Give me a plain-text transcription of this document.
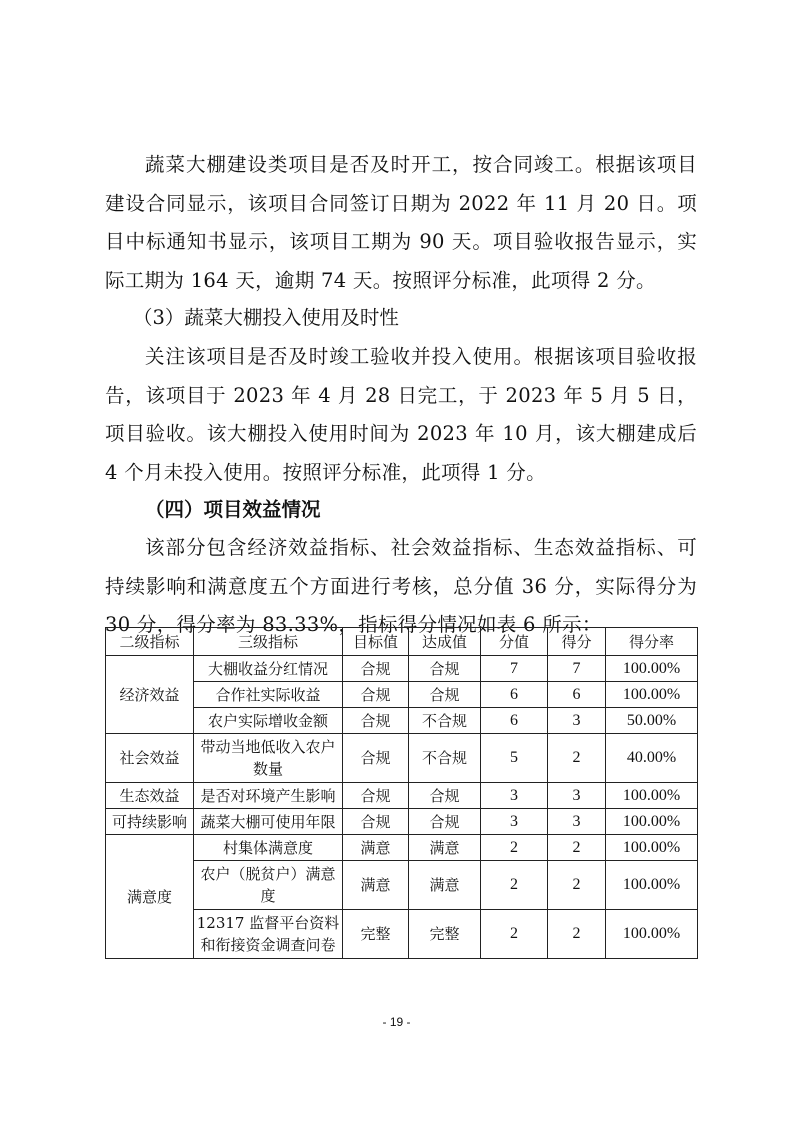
蔬菜大棚建设类项目是否及时开工，按合同竣工。根据该项目建设合同显示，该项目合同签订日期为 2022 年 11 月 20 日。项目中标通知书显示，该项目工期为 90 天。项目验收报告显示，实际工期为 164 天，逾期 74 天。按照评分标准，此项得 2 分。

（3）蔬菜大棚投入使用及时性

关注该项目是否及时竣工验收并投入使用。根据该项目验收报告，该项目于 2023 年 4 月 28 日完工，于 2023 年 5 月 5 日，项目验收。该大棚投入使用时间为 2023 年 10 月，该大棚建成后 4 个月未投入使用。按照评分标准，此项得 1 分。

（四）项目效益情况

该部分包含经济效益指标、社会效益指标、生态效益指标、可持续影响和满意度五个方面进行考核，总分值 36 分，实际得分为 30 分，得分率为 83.33%，指标得分情况如表 6 所示：

二级指标	三级指标	目标值	达成值	分值	得分	得分率
经济效益	大棚收益分红情况	合规	合规	7	7	100.00%
	合作社实际收益	合规	合规	6	6	100.00%
	农户实际增收金额	合规	不合规	6	3	50.00%
社会效益	带动当地低收入农户数量	合规	不合规	5	2	40.00%
生态效益	是否对环境产生影响	合规	合规	3	3	100.00%
可持续影响	蔬菜大棚可使用年限	合规	合规	3	3	100.00%
满意度	村集体满意度	满意	满意	2	2	100.00%
	农户（脱贫户）满意度	满意	满意	2	2	100.00%
	12317 监督平台资料和衔接资金调查问卷	完整	完整	2	2	100.00%
- 19 -
